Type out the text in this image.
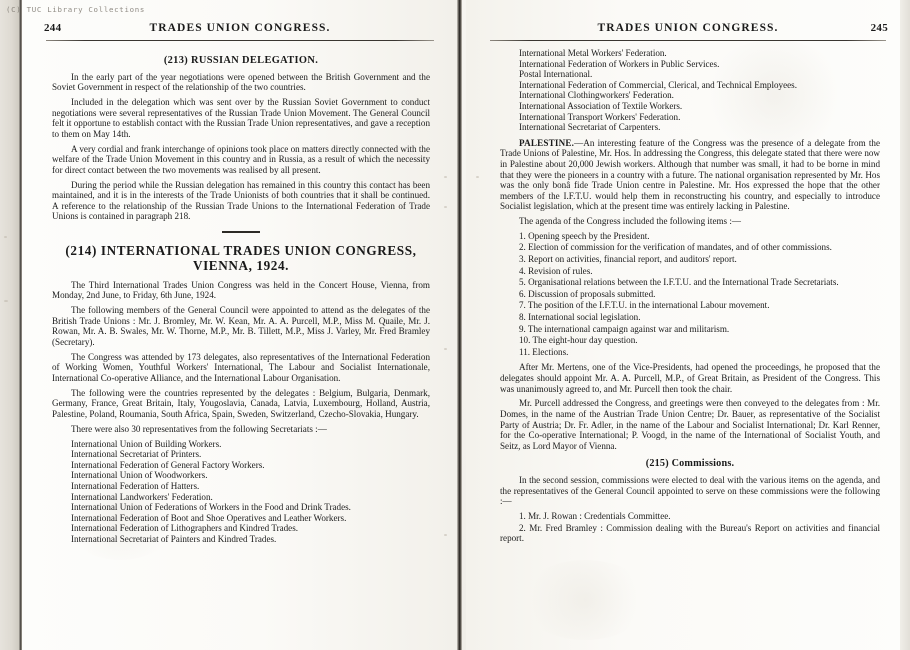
(C) TUC Library Collections
244	TRADES UNION CONGRESS.
(213) RUSSIAN DELEGATION.

In the early part of the year negotiations were opened between the British Government and the Soviet Government in respect of the relationship of the two countries.

Included in the delegation which was sent over by the Russian Soviet Government to conduct negotiations were several representatives of the Russian Trade Union Movement. The General Council felt it opportune to establish contact with the Russian Trade Union representatives, and gave a reception to them on May 14th.

A very cordial and frank interchange of opinions took place on matters directly connected with the welfare of the Trade Union Movement in this country and in Russia, as a result of which the necessity for direct contact between the two movements was realised by all present.

During the period while the Russian delegation has remained in this country this contact has been maintained, and it is in the interests of the Trade Unionists of both countries that it shall be continued. A reference to the relationship of the Russian Trade Unions to the International Federation of Trade Unions is contained in paragraph 218.

(214) INTERNATIONAL TRADES UNION CONGRESS,
VIENNA, 1924.

The Third International Trades Union Congress was held in the Concert House, Vienna, from Monday, 2nd June, to Friday, 6th June, 1924.

The following members of the General Council were appointed to attend as the delegates of the British Trade Unions : Mr. J. Bromley, Mr. W. Kean, Mr. A. A. Purcell, M.P., Miss M. Quaile, Mr. J. Rowan, Mr. A. B. Swales, Mr. W. Thorne, M.P., Mr. B. Tillett, M.P., Miss J. Varley, Mr. Fred Bramley (Secretary).

The Congress was attended by 173 delegates, also representatives of the International Federation of Working Women, Youthful Workers' International, The Labour and Socialist Internationale, International Co-operative Alliance, and the International Labour Organisation.

The following were the countries represented by the delegates : Belgium, Bulgaria, Denmark, Germany, France, Great Britain, Italy, Yougoslavia, Canada, Latvia, Luxembourg, Holland, Austria, Palestine, Poland, Roumania, South Africa, Spain, Sweden, Switzerland, Czecho-Slovakia, Hungary.

There were also 30 representatives from the following Secretariats :—

International Union of Building Workers.
International Secretariat of Printers.
International Federation of General Factory Workers.
International Union of Woodworkers.
International Federation of Hatters.
International Landworkers' Federation.
International Union of Federations of Workers in the Food and Drink Trades.
International Federation of Boot and Shoe Operatives and Leather Workers.
International Federation of Lithographers and Kindred Trades.
International Secretariat of Painters and Kindred Trades.
TRADES UNION CONGRESS.	245
International Metal Workers' Federation.
International Federation of Workers in Public Services.
Postal International.
International Federation of Commercial, Clerical, and Technical Employees.
International Clothingworkers' Federation.
International Association of Textile Workers.
International Transport Workers' Federation.
International Secretariat of Carpenters.

PALESTINE.—An interesting feature of the Congress was the presence of a delegate from the Trade Unions of Palestine, Mr. Hos. In addressing the Congress, this delegate stated that there were now in Palestine about 20,000 Jewish workers. Although that number was small, it had to be borne in mind that they were the pioneers in a country with a future. The national organisation represented by Mr. Hos was the only bonâ fide Trade Union centre in Palestine. Mr. Hos expressed the hope that the other members of the I.F.T.U. would help them in reconstructing his country, and especially to introduce Socialist legislation, which at the present time was entirely lacking in Palestine.

The agenda of the Congress included the following items :—

1. Opening speech by the President.
2. Election of commission for the verification of mandates, and of other commissions.
3. Report on activities, financial report, and auditors' report.
4. Revision of rules.
5. Organisational relations between the I.F.T.U. and the International Trade Secretariats.
6. Discussion of proposals submitted.
7. The position of the I.F.T.U. in the international Labour movement.
8. International social legislation.
9. The international campaign against war and militarism.
10. The eight-hour day question.
11. Elections.

After Mr. Mertens, one of the Vice-Presidents, had opened the proceedings, he proposed that the delegates should appoint Mr. A. A. Purcell, M.P., of Great Britain, as President of the Congress. This was unanimously agreed to, and Mr. Purcell then took the chair.

Mr. Purcell addressed the Congress, and greetings were then conveyed to the delegates from : Mr. Domes, in the name of the Austrian Trade Union Centre; Dr. Bauer, as representative of the Socialist Party of Austria; Dr. Fr. Adler, in the name of the Labour and Socialist International; Dr. Karl Renner, for the Co-operative International; P. Voogd, in the name of the International of Socialist Youth, and Seitz, as Lord Mayor of Vienna.

(215) Commissions.

In the second session, commissions were elected to deal with the various items on the agenda, and the representatives of the General Council appointed to serve on these commissions were the following :—

1. Mr. J. Rowan : Credentials Committee.
2. Mr. Fred Bramley : Commission dealing with the Bureau's Report on activities and financial report.
